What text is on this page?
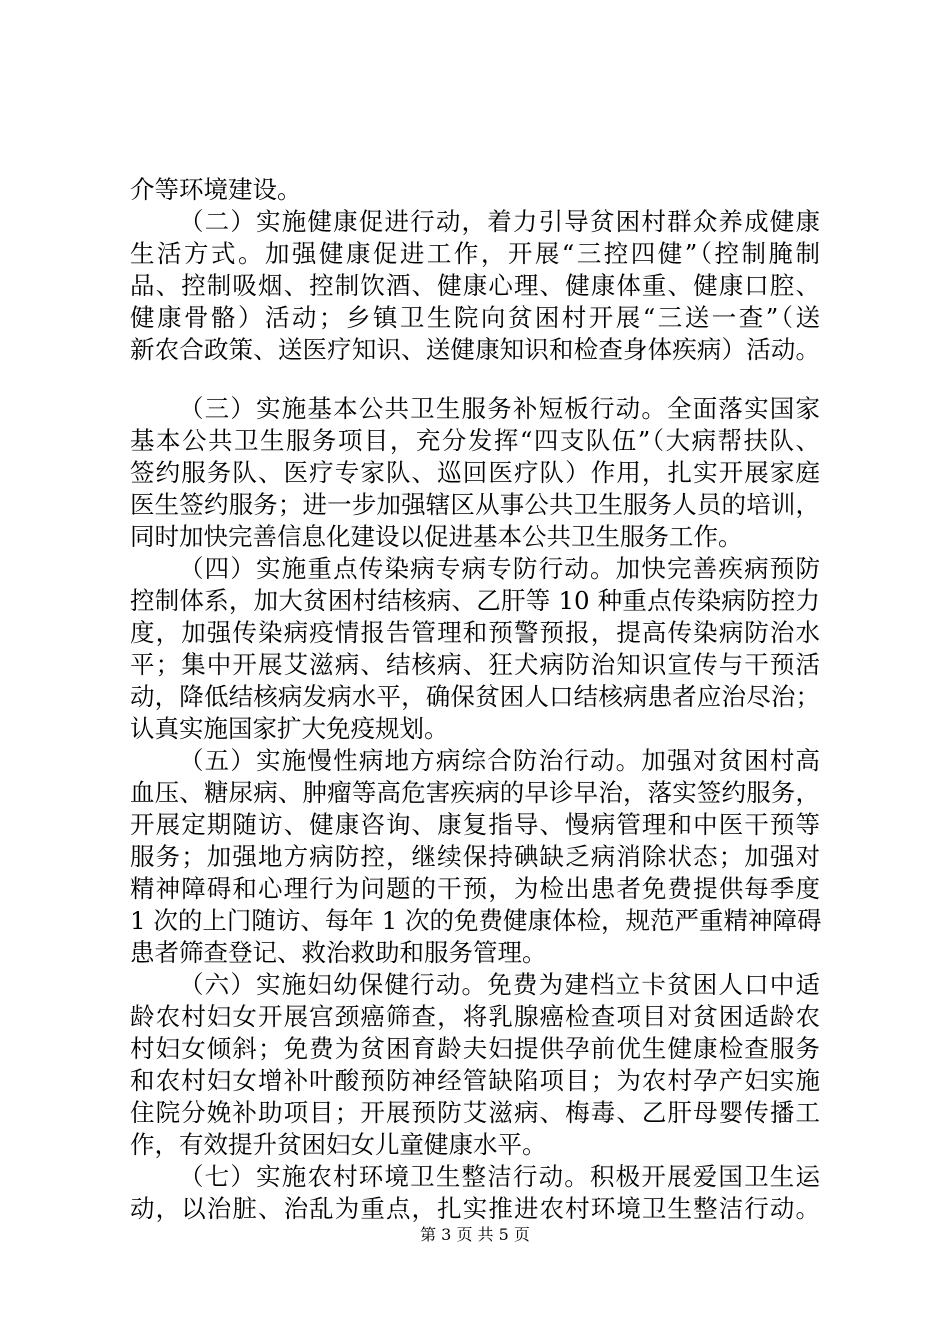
介等环境建设。
（二）实施健康促进行动，着力引导贫困村群众养成健康
生活方式。加强健康促进工作，开展“三控四健”（控制腌制
品、控制吸烟、控制饮酒、健康心理、健康体重、健康口腔、
健康骨骼）活动；乡镇卫生院向贫困村开展“三送一查”（送
新农合政策、送医疗知识、送健康知识和检查身体疾病）活动。
（三）实施基本公共卫生服务补短板行动。全面落实国家
基本公共卫生服务项目，充分发挥“四支队伍”（大病帮扶队、
签约服务队、医疗专家队、巡回医疗队）作用，扎实开展家庭
医生签约服务；进一步加强辖区从事公共卫生服务人员的培训，
同时加快完善信息化建设以促进基本公共卫生服务工作。
（四）实施重点传染病专病专防行动。加快完善疾病预防
控制体系，加大贫困村结核病、乙肝等 10 种重点传染病防控力
度，加强传染病疫情报告管理和预警预报，提高传染病防治水
平；集中开展艾滋病、结核病、狂犬病防治知识宣传与干预活
动，降低结核病发病水平，确保贫困人口结核病患者应治尽治；
认真实施国家扩大免疫规划。
（五）实施慢性病地方病综合防治行动。加强对贫困村高
血压、糖尿病、肿瘤等高危害疾病的早诊早治，落实签约服务，
开展定期随访、健康咨询、康复指导、慢病管理和中医干预等
服务；加强地方病防控，继续保持碘缺乏病消除状态；加强对
精神障碍和心理行为问题的干预，为检出患者免费提供每季度
1 次的上门随访、每年 1 次的免费健康体检，规范严重精神障碍
患者筛查登记、救治救助和服务管理。
（六）实施妇幼保健行动。免费为建档立卡贫困人口中适
龄农村妇女开展宫颈癌筛查，将乳腺癌检查项目对贫困适龄农
村妇女倾斜；免费为贫困育龄夫妇提供孕前优生健康检查服务
和农村妇女增补叶酸预防神经管缺陷项目；为农村孕产妇实施
住院分娩补助项目；开展预防艾滋病、梅毒、乙肝母婴传播工
作，有效提升贫困妇女儿童健康水平。
（七）实施农村环境卫生整洁行动。积极开展爱国卫生运
动，以治脏、治乱为重点，扎实推进农村环境卫生整洁行动。
第 3 页 共 5 页
